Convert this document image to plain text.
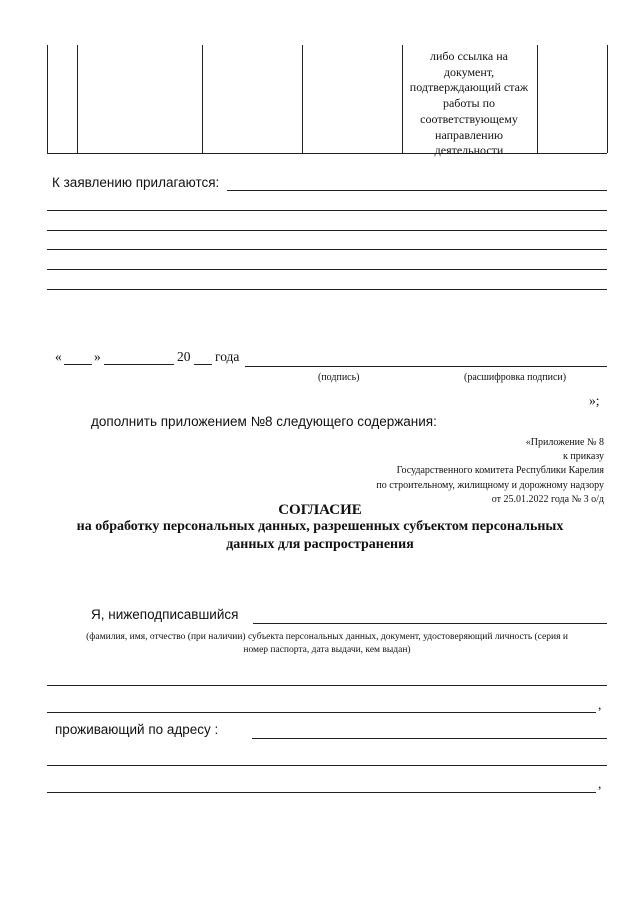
либо ссылка на документ, подтверждающий стаж работы по соответствующему направлению деятельности
К заявлению прилагаются:
« »	20 года
(подпись)	(расшифровка подписи)
»;
дополнить приложением №8 следующего содержания:
«Приложение № 8
к приказу
Государственного комитета Республики Карелия
по строительному, жилищному и дорожному надзору
от 25.01.2022 года № 3 о/д
СОГЛАСИЕ
на обработку персональных данных, разрешенных субъектом персональных
данных для распространения
Я, нижеподписавшийся
(фамилия, имя, отчество (при наличии) субъекта персональных данных, документ, удостоверяющий личность (серия и
номер паспорта, дата выдачи, кем выдан)
,
проживающий по адресу :
,
